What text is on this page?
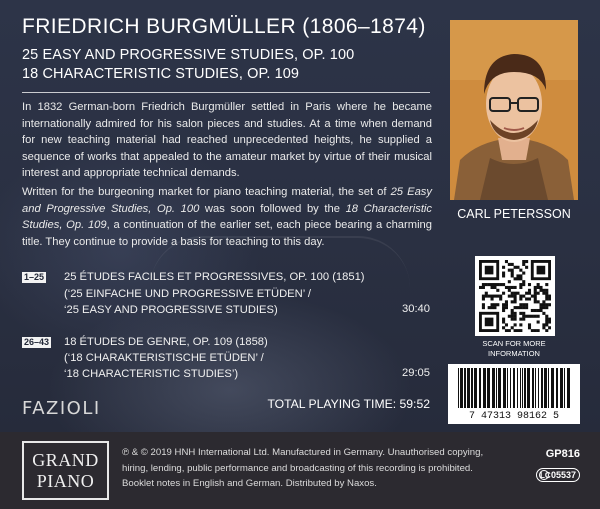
FRIEDRICH BURGMÜLLER (1806–1874)
25 EASY AND PROGRESSIVE STUDIES, OP. 100
18 CHARACTERISTIC STUDIES, OP. 109

In 1832 German-born Friedrich Burgmüller settled in Paris where he became internationally admired for his salon pieces and studies. At a time when demand for new teaching material had reached unprecedented heights, he supplied a sequence of works that appealed to the amateur market by virtue of their musical interest and appropriate technical demands.

Written for the burgeoning market for piano teaching material, the set of 25 Easy and Progressive Studies, Op. 100 was soon followed by the 18 Characteristic Studies, Op. 109, a continuation of the earlier set, each piece bearing a charming title. They continue to provide a basis for teaching to this day.

1–25 25 ÉTUDES FACILES ET PROGRESSIVES, OP. 100 (1851)
(‘25 EINFACHE UND PROGRESSIVE ETÜDEN’ /
‘25 EASY AND PROGRESSIVE STUDIES)	30:40
26–43 18 ÉTUDES DE GENRE, OP. 109 (1858)
(‘18 CHARAKTERISTISCHE ETÜDEN’ /
‘18 CHARACTERISTIC STUDIES’)	29:05
FAZIOLI	TOTAL PLAYING TIME: 59:52
CARL PETERSSON
SCAN FOR MORE
INFORMATION
7 47313 98162 5
GRAND
PIANO
℗ & © 2019 HNH International Ltd. Manufactured in Germany. Unauthorised copying,
hiring, lending, public performance and broadcasting of this recording is prohibited.
Booklet notes in English and German. Distributed by Naxos.
GP816
LC 05537
